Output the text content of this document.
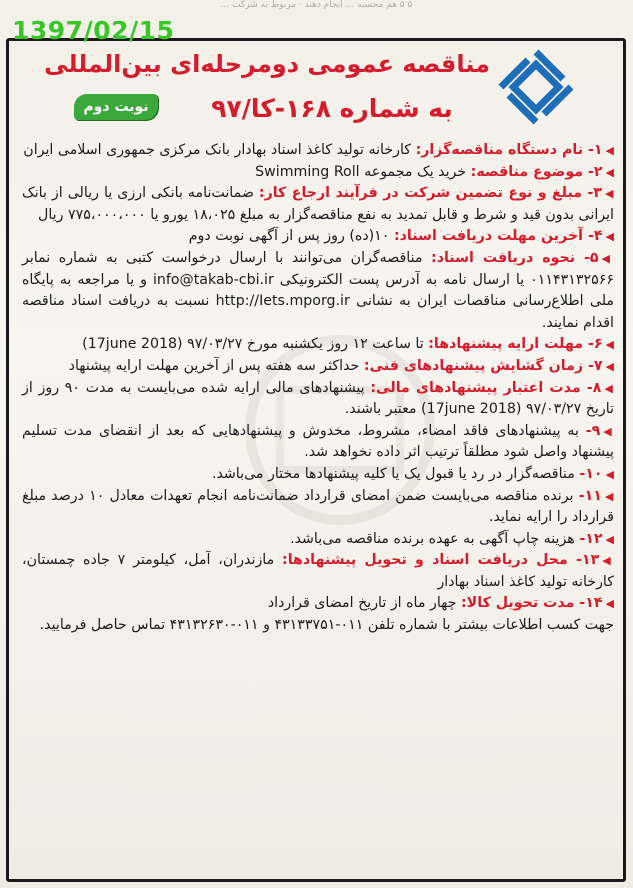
۵ ۵ هم محسنه ... انجام دهند · مربوط به شرکت ...
1397/02/15
مناقصه عمومی دومرحله‌ای بین‌المللی
به شماره ۱۶۸-کا/۹۷
نوبت دوم
◀۱- نام دستگاه مناقصه‌گزار: کارخانه تولید کاغذ اسناد بهادار بانک مرکزی جمهوری اسلامی ایران
◀۲- موضوع مناقصه: خرید یک مجموعه Swimming Roll
◀۳- مبلغ و نوع تضمین شرکت در فرآیند ارجاع کار: ضمانت‌نامه بانکی ارزی یا ریالی از بانک ایرانی بدون قید و شرط و قابل تمدید به نفع مناقصه‌گزار به مبلغ ۱۸،۰۲۵ یورو یا ۷۷۵،۰۰۰،۰۰۰ ریال
◀۴- آخرین مهلت دریافت اسناد: ۱۰(ده) روز پس از آگهی نوبت دوم
◀۵- نحوه دریافت اسناد: مناقصه‌گران می‌توانند با ارسال درخواست کتبی به شماره نمابر ۰۱۱۴۳۱۳۲۵۶۶ یا ارسال نامه به آدرس پست الکترونیکی info@takab-cbi.ir و یا مراجعه به پایگاه ملی اطلاع‌رسانی مناقصات ایران به نشانی http://Iets.mporg.ir نسبت به دریافت اسناد مناقصه اقدام نمایند.
◀۶- مهلت ارایه پیشنهادها: تا ساعت ۱۲ روز یکشنبه مورخ ۹۷/۰۳/۲۷ (17june 2018)
◀۷- زمان گشایش پیشنهادهای فنی: حداکثر سه هفته پس از آخرین مهلت ارایه پیشنهاد
◀۸- مدت اعتبار پیشنهادهای مالی: پیشنهادهای مالی ارایه شده می‌بایست به مدت ۹۰ روز از تاریخ ۹۷/۰۳/۲۷ (17june 2018) معتبر باشند.
◀۹- به پیشنهادهای فاقد امضاء، مشروط، مخدوش و پیشنهادهایی که بعد از انقضای مدت تسلیم پیشنهاد واصل شود مطلقاً ترتیب اثر داده نخواهد شد.
◀۱۰- مناقصه‌گزار در رد یا قبول یک یا کلیه پیشنهادها مختار می‌باشد.
◀۱۱- برنده مناقصه می‌بایست ضمن امضای قرارداد ضمانت‌نامه انجام تعهدات معادل ۱۰ درصد مبلغ قرارداد را ارایه نماید.
◀۱۲- هزینه چاپ آگهی به عهده برنده مناقصه می‌باشد.
◀۱۳- محل دریافت اسناد و تحویل پیشنهادها: مازندران، آمل، کیلومتر ۷ جاده چمستان، کارخانه تولید کاغذ اسناد بهادار
◀۱۴- مدت تحویل کالا: چهار ماه از تاریخ امضای قرارداد
جهت کسب اطلاعات بیشتر با شماره تلفن ۰۱۱-۴۳۱۳۳۷۵۱ و ۰۱۱-۴۳۱۳۲۶۳۰ تماس حاصل فرمایید.
